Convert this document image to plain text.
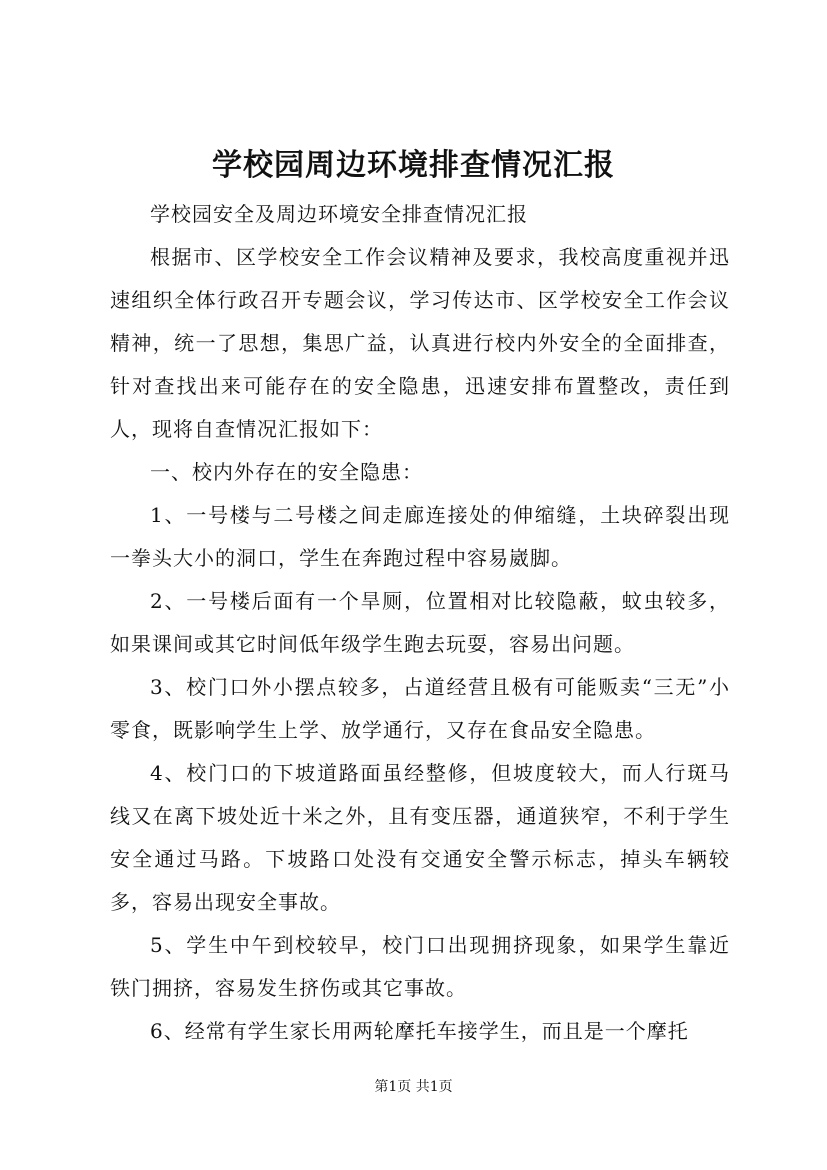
学校园周边环境排查情况汇报

学校园安全及周边环境安全排查情况汇报

根据市、区学校安全工作会议精神及要求，我校高度重视并迅速组织全体行政召开专题会议，学习传达市、区学校安全工作会议精神，统一了思想，集思广益，认真进行校内外安全的全面排查，针对查找出来可能存在的安全隐患，迅速安排布置整改，责任到人，现将自查情况汇报如下：

一、校内外存在的安全隐患：

1、一号楼与二号楼之间走廊连接处的伸缩缝，土块碎裂出现一拳头大小的洞口，学生在奔跑过程中容易崴脚。

2、一号楼后面有一个旱厕，位置相对比较隐蔽，蚊虫较多，如果课间或其它时间低年级学生跑去玩耍，容易出问题。

3、校门口外小摆点较多，占道经营且极有可能贩卖“三无”小零食，既影响学生上学、放学通行，又存在食品安全隐患。

4、校门口的下坡道路面虽经整修，但坡度较大，而人行斑马线又在离下坡处近十米之外，且有变压器，通道狭窄，不利于学生安全通过马路。下坡路口处没有交通安全警示标志，掉头车辆较多，容易出现安全事故。

5、学生中午到校较早，校门口出现拥挤现象，如果学生靠近铁门拥挤，容易发生挤伤或其它事故。

6、经常有学生家长用两轮摩托车接学生，而且是一个摩托

第1页 共1页
